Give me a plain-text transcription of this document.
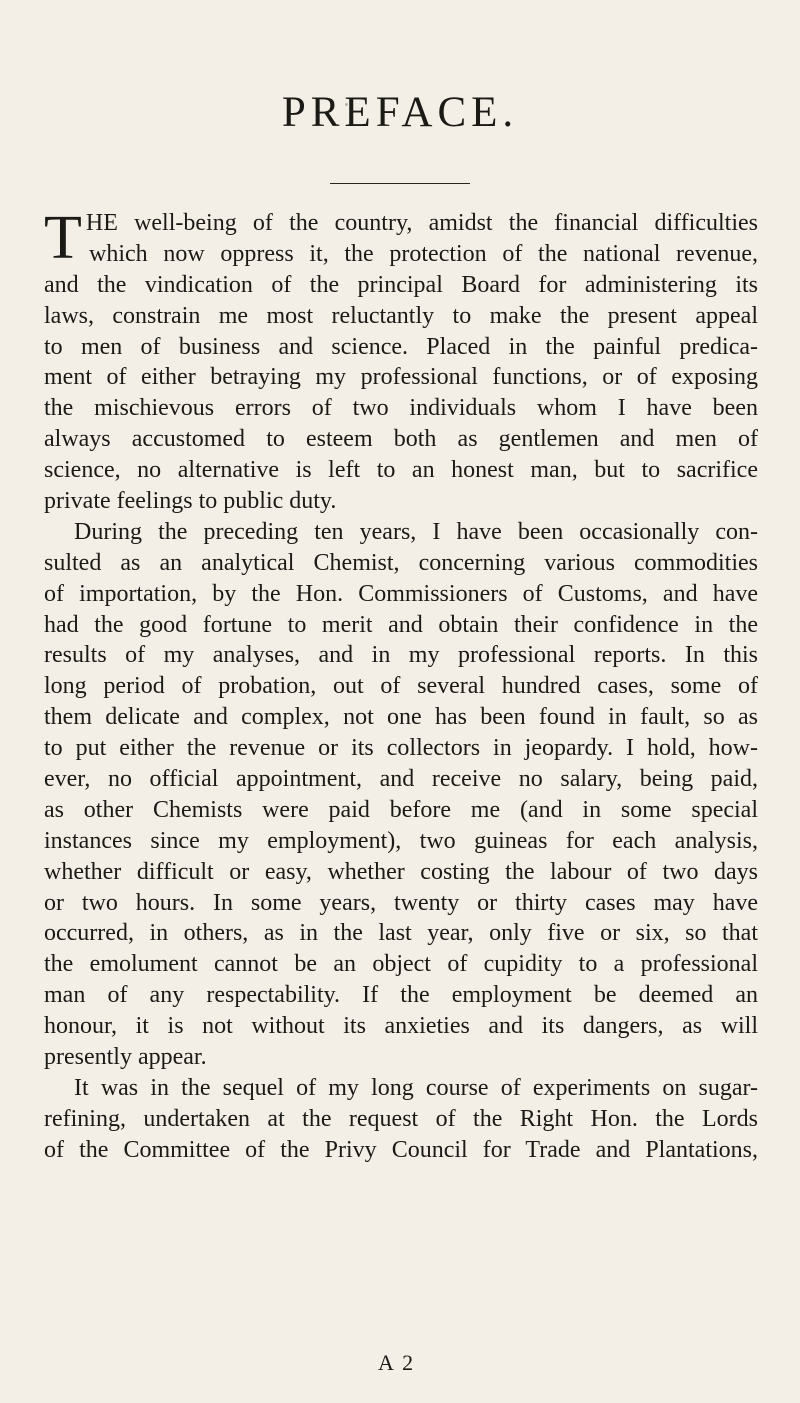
PREFACE.
T HE well-being of the country, amidst the financial difficulties
which now oppress it, the protection of the national revenue,
and the vindication of the principal Board for administering its
laws, constrain me most reluctantly to make the present appeal
to men of business and science. Placed in the painful predica-
ment of either betraying my professional functions, or of exposing
the mischievous errors of two individuals whom I have been
always accustomed to esteem both as gentlemen and men of
science, no alternative is left to an honest man, but to sacrifice
private feelings to public duty.
During the preceding ten years, I have been occasionally con-
sulted as an analytical Chemist, concerning various commodities
of importation, by the Hon. Commissioners of Customs, and have
had the good fortune to merit and obtain their confidence in the
results of my analyses, and in my professional reports. In this
long period of probation, out of several hundred cases, some of
them delicate and complex, not one has been found in fault, so as
to put either the revenue or its collectors in jeopardy. I hold, how-
ever, no official appointment, and receive no salary, being paid,
as other Chemists were paid before me (and in some special
instances since my employment), two guineas for each analysis,
whether difficult or easy, whether costing the labour of two days
or two hours. In some years, twenty or thirty cases may have
occurred, in others, as in the last year, only five or six, so that
the emolument cannot be an object of cupidity to a professional
man of any respectability. If the employment be deemed an
honour, it is not without its anxieties and its dangers, as will
presently appear.
It was in the sequel of my long course of experiments on sugar-
refining, undertaken at the request of the Right Hon. the Lords
of the Committee of the Privy Council for Trade and Plantations,
A 2
